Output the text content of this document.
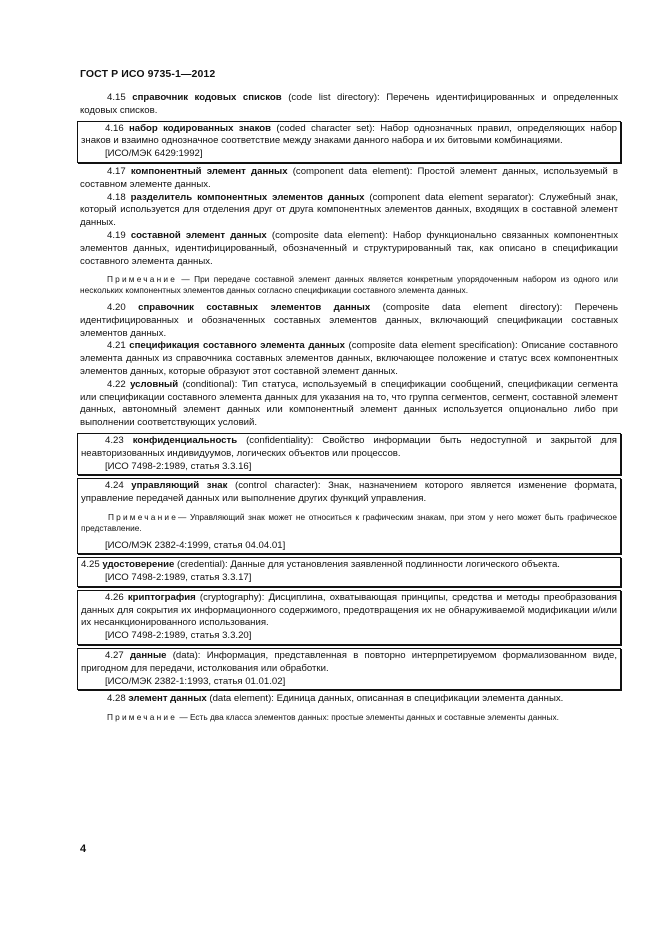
ГОСТ Р ИСО 9735-1—2012

4.15 справочник кодовых списков (code list directory): Перечень идентифицированных и определенных кодовых списков.

4.16 набор кодированных знаков (coded character set): Набор однозначных правил, определяющих набор знаков и взаимно однозначное соответствие между знаками данного набора и их битовыми комбинациями.

[ИСО/МЭК 6429:1992]

4.17 компонентный элемент данных (component data element): Простой элемент данных, используемый в составном элементе данных.

4.18 разделитель компонентных элементов данных (component data element separator): Служебный знак, который используется для отделения друг от друга компонентных элементов данных, входящих в составной элемент данных.

4.19 составной элемент данных (composite data element): Набор функционально связанных компонентных элементов данных, идентифицированный, обозначенный и структурированный так, как описано в спецификации составного элемента данных.

Примечание — При передаче составной элемент данных является конкретным упорядоченным набором из одного или нескольких компонентных элементов данных согласно спецификации составного элемента данных.

4.20 справочник составных элементов данных (composite data element directory): Перечень идентифицированных и обозначенных составных элементов данных, включающий спецификации составных элементов данных.

4.21 спецификация составного элемента данных (composite data element specification): Описание составного элемента данных из справочника составных элементов данных, включающее положение и статус всех компонентных элементов данных, которые образуют этот составной элемент данных.

4.22 условный (conditional): Тип статуса, используемый в спецификации сообщений, спецификации сегмента или спецификации составного элемента данных для указания на то, что группа сегментов, сегмент, составной элемент данных, автономный элемент данных или компонентный элемент данных используется опционально либо при выполнении соответствующих условий.

4.23 конфиденциальность (confidentiality): Свойство информации быть недоступной и закрытой для неавторизованных индивидуумов, логических объектов или процессов.

[ИСО 7498-2:1989, статья 3.3.16]

4.24 управляющий знак (control character): Знак, назначением которого является изменение формата, управление передачей данных или выполнение других функций управления.

Примечание— Управляющий знак может не относиться к графическим знакам, при этом у него может быть графическое представление.

[ИСО/МЭК 2382-4:1999, статья 04.04.01]

4.25 удостоверение (credential): Данные для установления заявленной подлинности логического объекта.

[ИСО 7498-2:1989, статья 3.3.17]

4.26 криптография (cryptography): Дисциплина, охватывающая принципы, средства и методы преобразования данных для сокрытия их информационного содержимого, предотвращения их не обнаруживаемой модификации и/или их несанкционированного использования.

[ИСО 7498-2:1989, статья 3.3.20]

4.27 данные (data): Информация, представленная в повторно интерпретируемом формализованном виде, пригодном для передачи, истолкования или обработки.

[ИСО/МЭК 2382-1:1993, статья 01.01.02]

4.28 элемент данных (data element): Единица данных, описанная в спецификации элемента данных.

Примечание — Есть два класса элементов данных: простые элементы данных и составные элементы данных.

4
